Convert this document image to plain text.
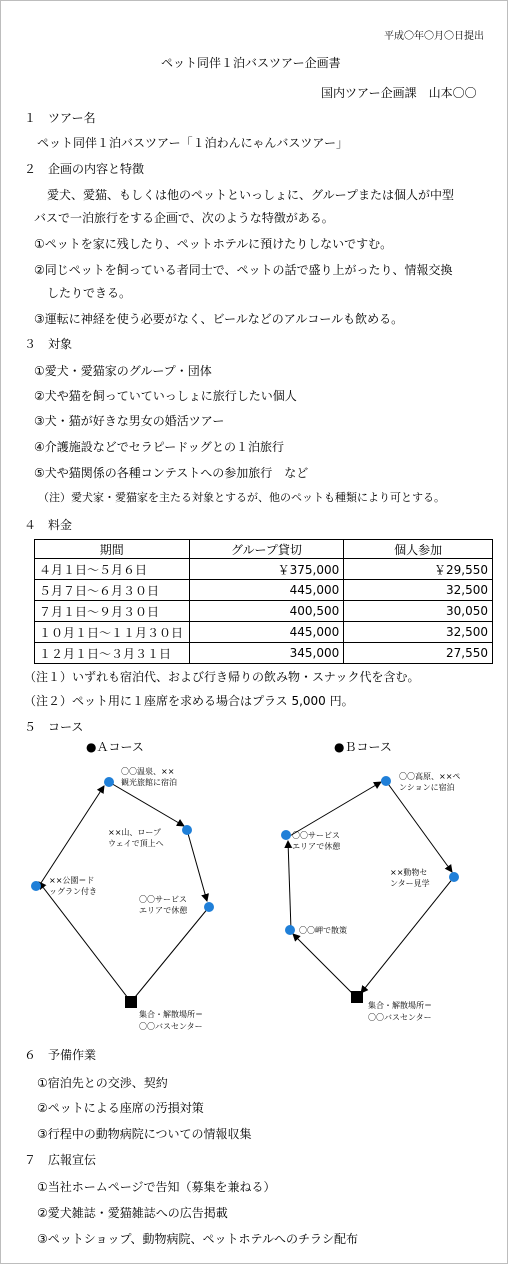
平成〇年〇月〇日提出
ペット同伴１泊バスツアー企画書
国内ツアー企画課　山本〇〇
１　ツアー名
ペット同伴１泊バスツアー「１泊わんにゃんバスツアー」
２　企画の内容と特徴
愛犬、愛猫、もしくは他のペットといっしょに、グループまたは個人が中型
バスで一泊旅行をする企画で、次のような特徴がある。
①ペットを家に残したり、ペットホテルに預けたりしないですむ。
②同じペットを飼っている者同士で、ペットの話で盛り上がったり、情報交換
したりできる。
③運転に神経を使う必要がなく、ビールなどのアルコールも飲める。
３　対象
①愛犬・愛猫家のグループ・団体
②犬や猫を飼っていていっしょに旅行したい個人
③犬・猫が好きな男女の婚活ツアー
④介護施設などでセラピードッグとの１泊旅行
⑤犬や猫関係の各種コンテストへの参加旅行　など
（注）愛犬家・愛猫家を主たる対象とするが、他のペットも種類により可とする。
４　料金
期間	グループ貸切	個人参加
４月１日～５月６日	￥375,000	￥29,550
５月７日～６月３０日	445,000	32,500
７月１日～９月３０日	400,500	30,050
１０月１日～１１月３０日	445,000	32,500
１２月１日～３月３１日	345,000	27,550
（注１）いずれも宿泊代、および行き帰りの飲み物・スナック代を含む。
（注２）ペット用に１座席を求める場合はプラス 5,000 円。
５　コース
●Ａコース
〇〇温泉、××
観光旅館に宿泊
××山、ロープ
ウェイで頂上へ
××公園＝ド
ッグラン付き
〇〇サービス
エリアで休憩
集合・解散場所＝
〇〇バスセンター
●Ｂコース
〇〇高原、××ペ
ンションに宿泊
〇〇サービス
エリアで休憩
××動物セ
ンター見学
〇〇岬で散策
集合・解散場所＝
〇〇バスセンター
６　予備作業
①宿泊先との交渉、契約
②ペットによる座席の汚損対策
③行程中の動物病院についての情報収集
７　広報宣伝
①当社ホームページで告知（募集を兼ねる）
②愛犬雑誌・愛猫雑誌への広告掲載
③ペットショップ、動物病院、ペットホテルへのチラシ配布
